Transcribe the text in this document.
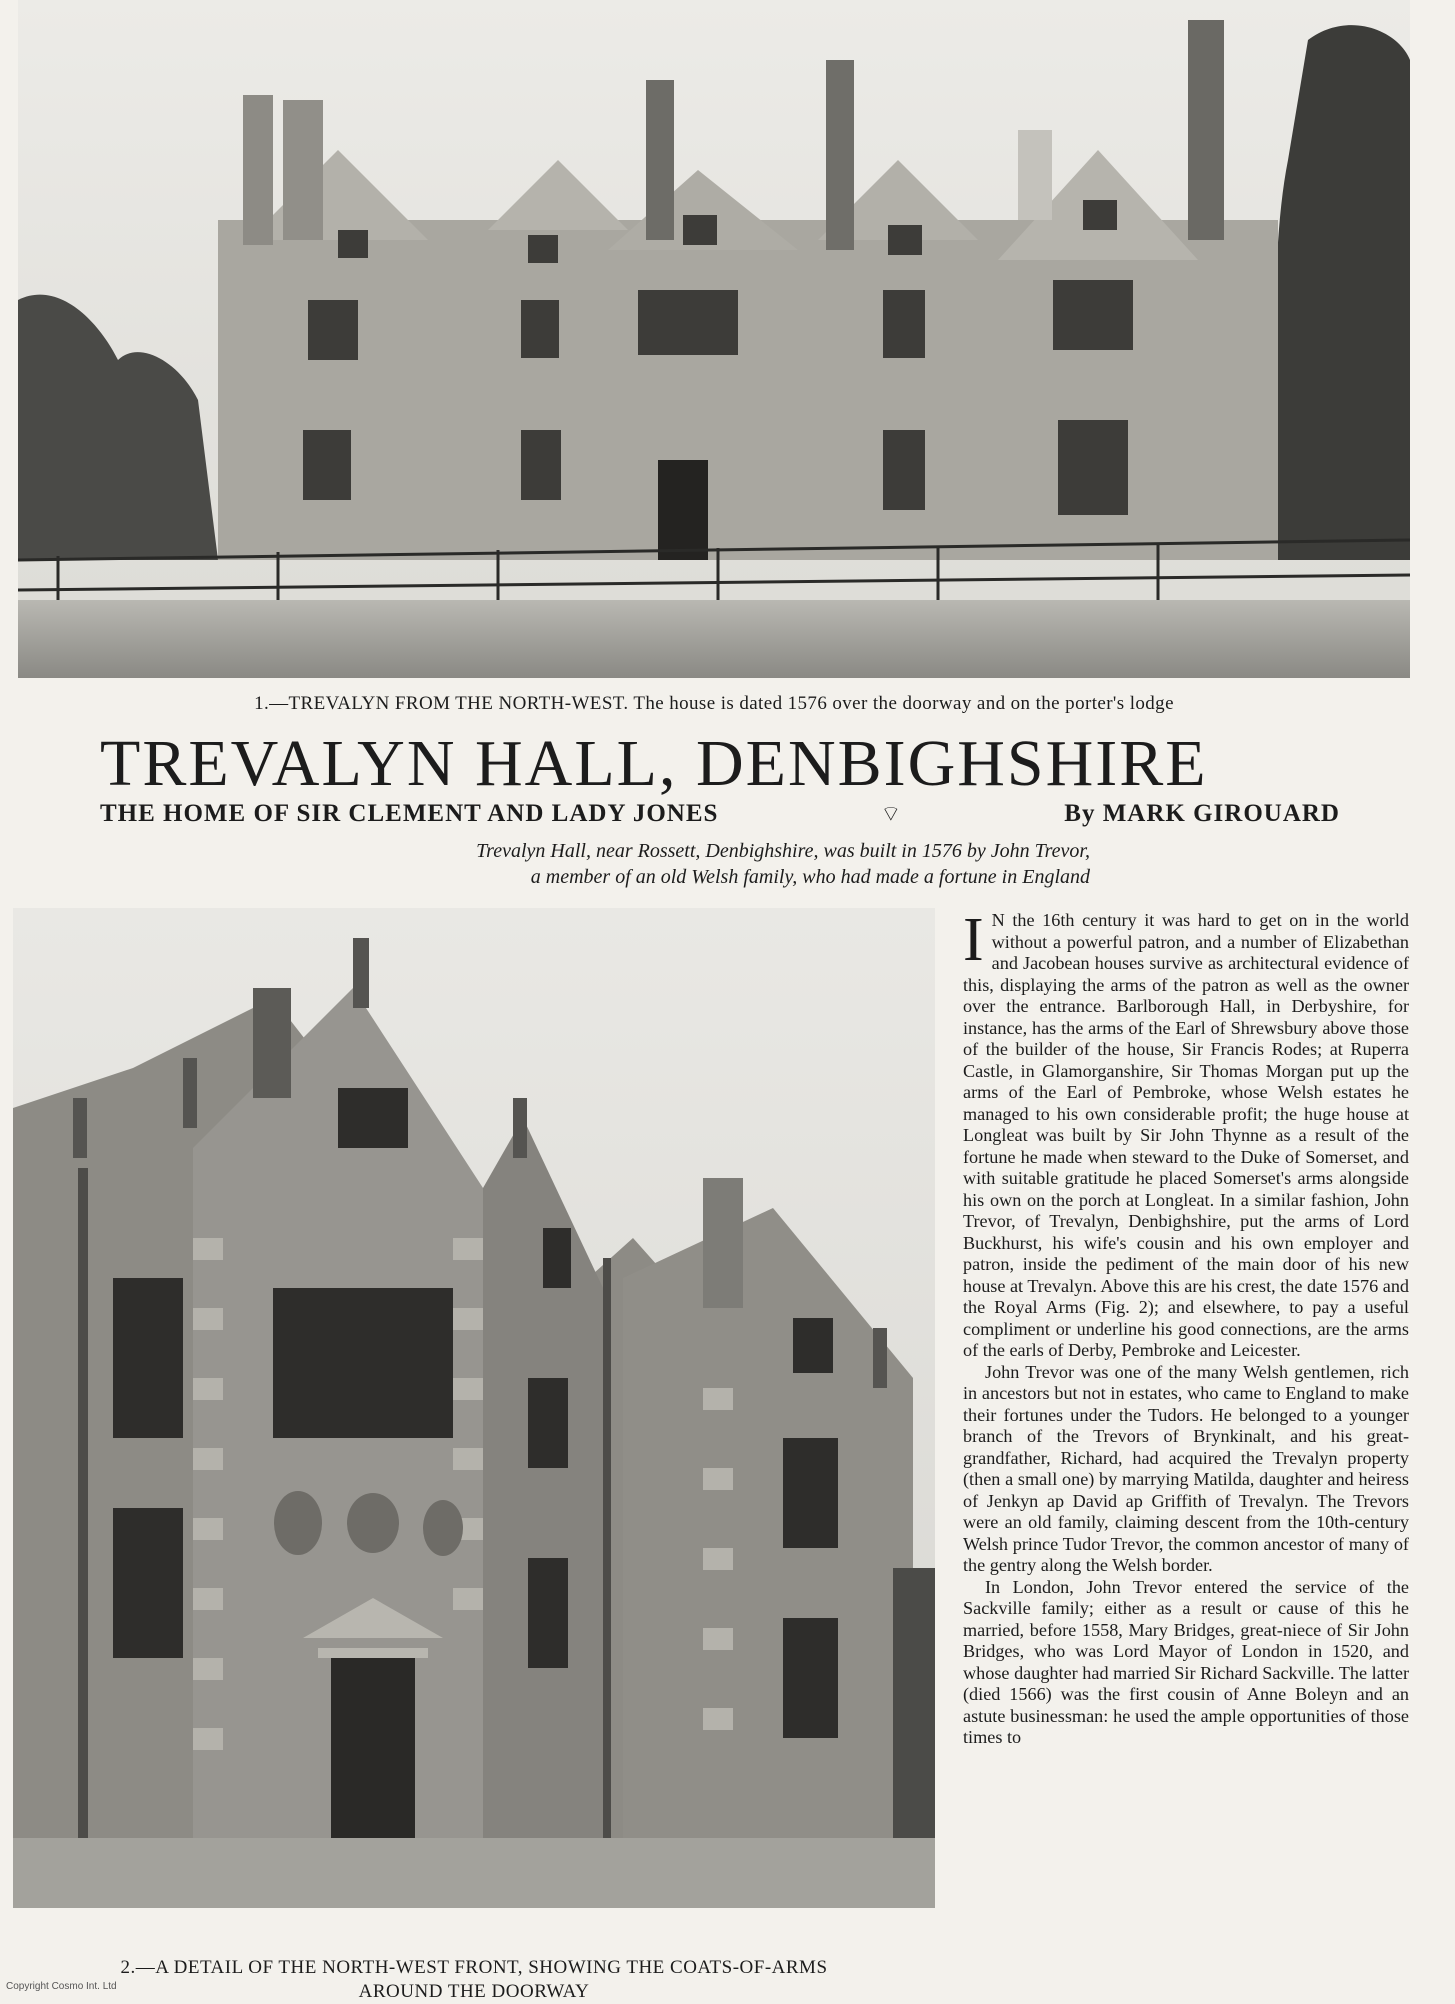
1.—TREVALYN FROM THE NORTH-WEST. The house is dated 1576 over the doorway and on the porter's lodge
TREVALYN HALL, DENBIGHSHIRE
THE HOME OF SIR CLEMENT AND LADY JONES	⌔	By MARK GIROUARD

Trevalyn Hall, near Rossett, Denbighshire, was built in 1576 by John Trevor,

a member of an old Welsh family, who had made a fortune in England

I N the 16th century it was hard to get on in the world without a powerful patron, and a number of Elizabethan and Jacobean houses survive as architectural evidence of this, displaying the arms of the patron as well as the owner over the entrance. Barlborough Hall, in Derbyshire, for instance, has the arms of the Earl of Shrewsbury above those of the builder of the house, Sir Francis Rodes; at Ruperra Castle, in Glamorganshire, Sir Thomas Morgan put up the arms of the Earl of Pembroke, whose Welsh estates he managed to his own considerable profit; the huge house at Longleat was built by Sir John Thynne as a result of the fortune he made when steward to the Duke of Somerset, and with suitable gratitude he placed Somerset's arms alongside his own on the porch at Longleat. In a similar fashion, John Trevor, of Trevalyn, Denbighshire, put the arms of Lord Buckhurst, his wife's cousin and his own employer and patron, inside the pediment of the main door of his new house at Trevalyn. Above this are his crest, the date 1576 and the Royal Arms (Fig. 2); and elsewhere, to pay a useful compliment or underline his good connections, are the arms of the earls of Derby, Pembroke and Leicester.

John Trevor was one of the many Welsh gentlemen, rich in ancestors but not in estates, who came to England to make their fortunes under the Tudors. He belonged to a younger branch of the Trevors of Brynkinalt, and his great-grandfather, Richard, had acquired the Trevalyn property (then a small one) by marrying Matilda, daughter and heiress of Jenkyn ap David ap Griffith of Trevalyn. The Trevors were an old family, claiming descent from the 10th-century Welsh prince Tudor Trevor, the common ancestor of many of the gentry along the Welsh border.

In London, John Trevor entered the service of the Sackville family; either as a result or cause of this he married, before 1558, Mary Bridges, great-niece of Sir John Bridges, who was Lord Mayor of London in 1520, and whose daughter had married Sir Richard Sackville. The latter (died 1566) was the first cousin of Anne Boleyn and an astute businessman: he used the ample opportunities of those times to

2.—A DETAIL OF THE NORTH-WEST FRONT, SHOWING THE COATS-OF-ARMS
AROUND THE DOORWAY
Copyright Cosmo Int. Ltd
